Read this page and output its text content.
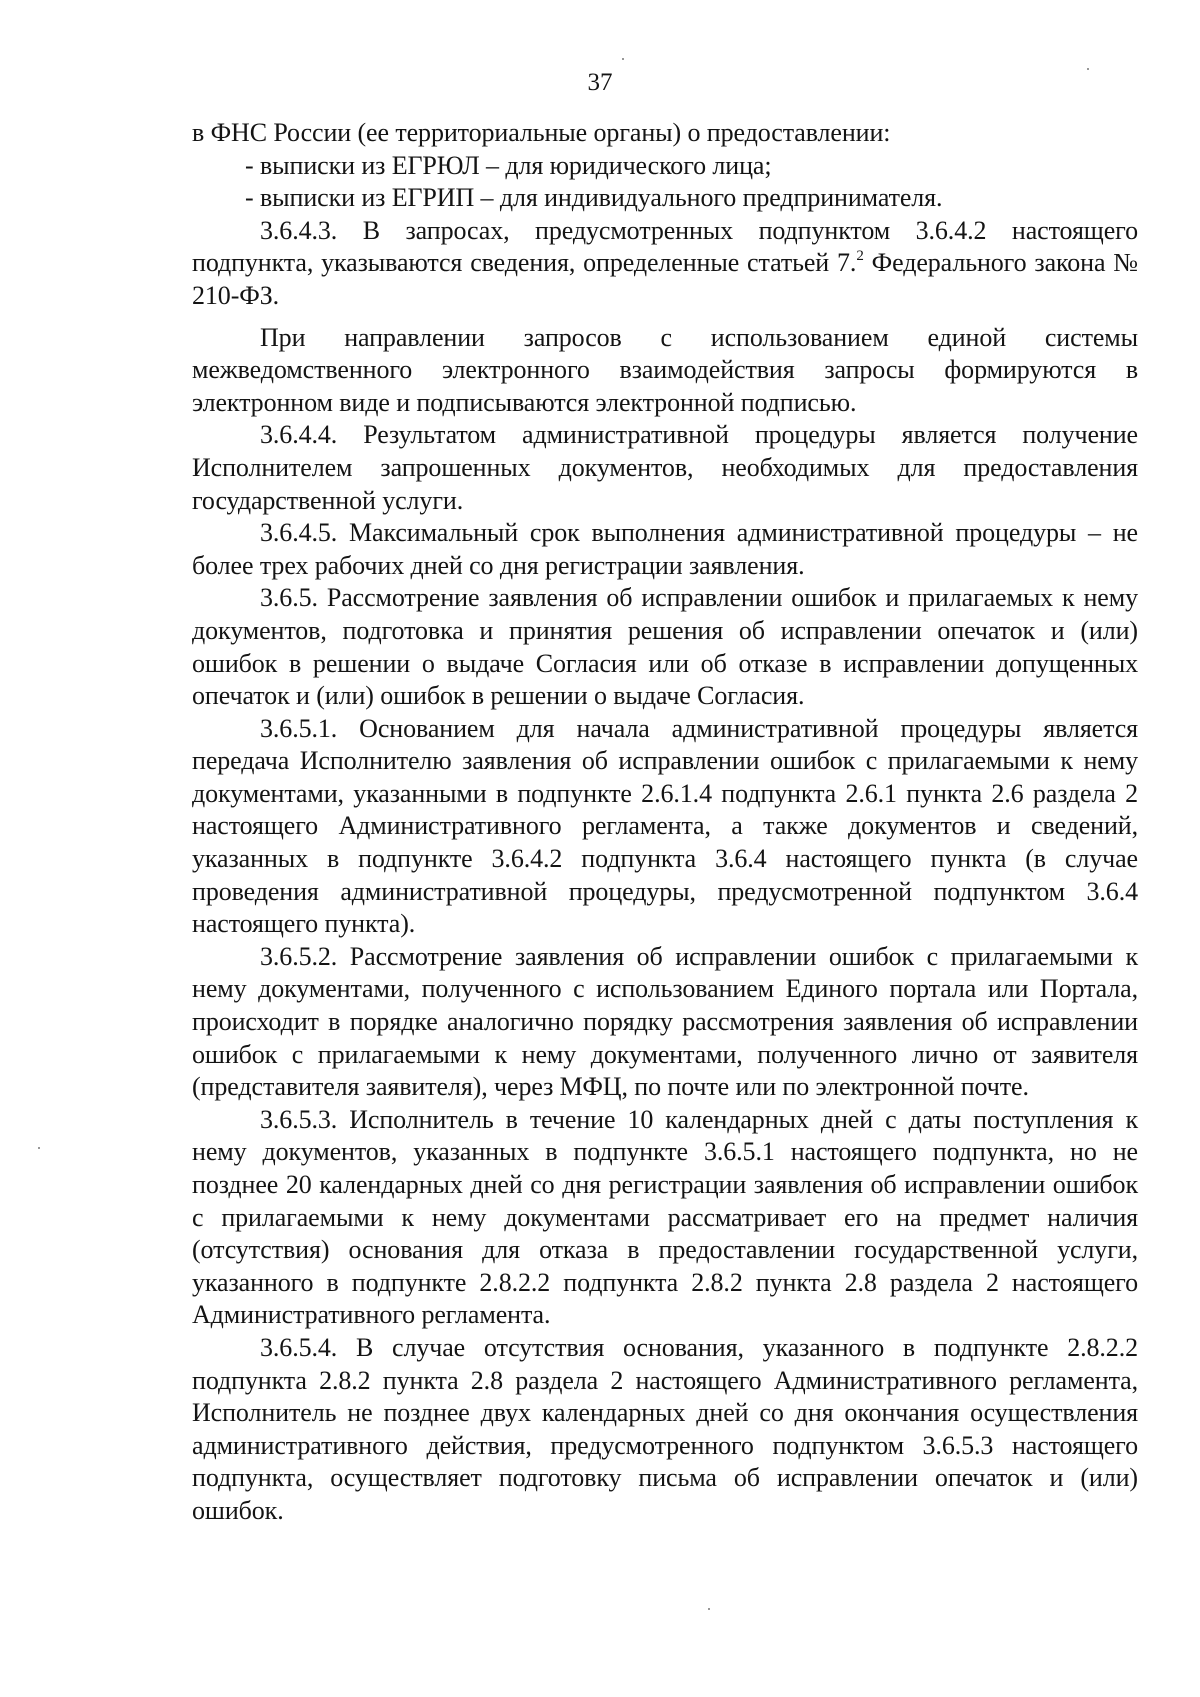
37

в ФНС России (ее территориальные органы) о предоставлении:

- выписки из ЕГРЮЛ – для юридического лица;

- выписки из ЕГРИП – для индивидуального предпринимателя.

3.6.4.3. В запросах, предусмотренных подпунктом 3.6.4.2 настоящего подпункта, указываются сведения, определенные статьей 7.$^2$ Федерального закона № 210-ФЗ.

При направлении запросов с использованием единой системы межведомственного электронного взаимодействия запросы формируются в электронном виде и подписываются электронной подписью.

3.6.4.4. Результатом административной процедуры является получение Исполнителем запрошенных документов, необходимых для предоставления государственной услуги.

3.6.4.5. Максимальный срок выполнения административной процедуры – не более трех рабочих дней со дня регистрации заявления.

3.6.5. Рассмотрение заявления об исправлении ошибок и прилагаемых к нему документов, подготовка и принятия решения об исправлении опечаток и (или) ошибок в решении о выдаче Согласия или об отказе в исправлении допущенных опечаток и (или) ошибок в решении о выдаче Согласия.

3.6.5.1. Основанием для начала административной процедуры является передача Исполнителю заявления об исправлении ошибок с прилагаемыми к нему документами, указанными в подпункте 2.6.1.4 подпункта 2.6.1 пункта 2.6 раздела 2 настоящего Административного регламента, а также документов и сведений, указанных в подпункте 3.6.4.2 подпункта 3.6.4 настоящего пункта (в случае проведения административной процедуры, предусмотренной подпунктом 3.6.4 настоящего пункта).

3.6.5.2. Рассмотрение заявления об исправлении ошибок с прилагаемыми к нему документами, полученного с использованием Единого портала или Портала, происходит в порядке аналогично порядку рассмотрения заявления об исправлении ошибок с прилагаемыми к нему документами, полученного лично от заявителя (представителя заявителя), через МФЦ, по почте или по электронной почте.

3.6.5.3. Исполнитель в течение 10 календарных дней с даты поступления к нему документов, указанных в подпункте 3.6.5.1 настоящего подпункта, но не позднее 20 календарных дней со дня регистрации заявления об исправлении ошибок с прилагаемыми к нему документами рассматривает его на предмет наличия (отсутствия) основания для отказа в предоставлении государственной услуги, указанного в подпункте 2.8.2.2 подпункта 2.8.2 пункта 2.8 раздела 2 настоящего Административного регламента.

3.6.5.4. В случае отсутствия основания, указанного в подпункте 2.8.2.2 подпункта 2.8.2 пункта 2.8 раздела 2 настоящего Административного регламента, Исполнитель не позднее двух календарных дней со дня окончания осуществления административного действия, предусмотренного подпунктом 3.6.5.3 настоящего подпункта, осуществляет подготовку письма об исправлении опечаток и (или) ошибок.
